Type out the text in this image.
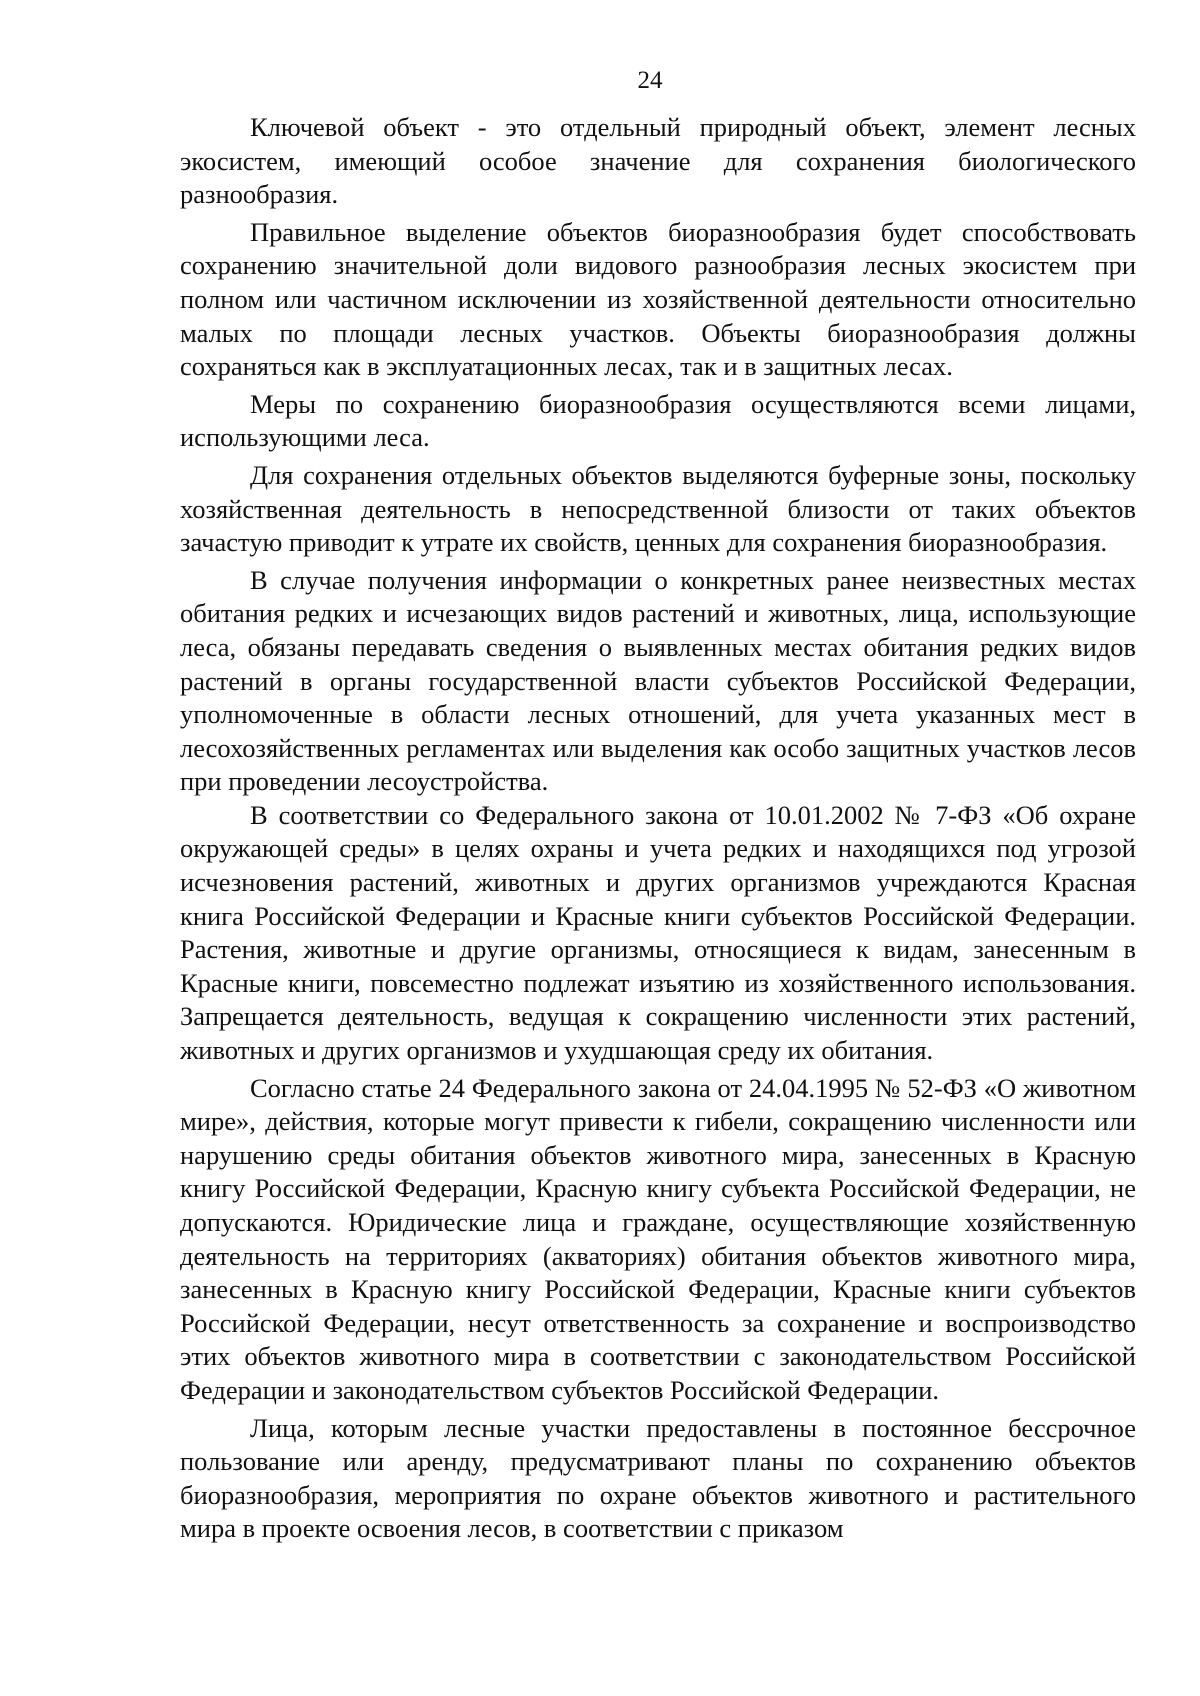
24

Ключевой объект - это отдельный природный объект, элемент лесных экосистем, имеющий особое значение для сохранения биологического разнообразия.

Правильное выделение объектов биоразнообразия будет способствовать сохранению значительной доли видового разнообразия лесных экосистем при полном или частичном исключении из хозяйственной деятельности относительно малых по площади лесных участков. Объекты биоразнообразия должны сохраняться как в эксплуатационных лесах, так и в защитных лесах.

Меры по сохранению биоразнообразия осуществляются всеми лицами, использующими леса.

Для сохранения отдельных объектов выделяются буферные зоны, поскольку хозяйственная деятельность в непосредственной близости от таких объектов зачастую приводит к утрате их свойств, ценных для сохранения биоразнообразия.

В случае получения информации о конкретных ранее неизвестных местах обитания редких и исчезающих видов растений и животных, лица, использующие леса, обязаны передавать сведения о выявленных местах обитания редких видов растений в органы государственной власти субъектов Российской Федерации, уполномоченные в области лесных отношений, для учета указанных мест в лесохозяйственных регламентах или выделения как особо защитных участков лесов при проведении лесоустройства.

В соответствии со Федерального закона от 10.01.2002 № 7-ФЗ «Об охране окружающей среды» в целях охраны и учета редких и находящихся под угрозой исчезновения растений, животных и других организмов учреждаются Красная книга Российской Федерации и Красные книги субъектов Российской Федерации. Растения, животные и другие организмы, относящиеся к видам, занесенным в Красные книги, повсеместно подлежат изъятию из хозяйственного использования. Запрещается деятельность, ведущая к сокращению численности этих растений, животных и других организмов и ухудшающая среду их обитания.

Согласно статье 24 Федерального закона от 24.04.1995 № 52-ФЗ «О животном мире», действия, которые могут привести к гибели, сокращению численности или нарушению среды обитания объектов животного мира, занесенных в Красную книгу Российской Федерации, Красную книгу субъекта Российской Федерации, не допускаются. Юридические лица и граждане, осуществляющие хозяйственную деятельность на территориях (акваториях) обитания объектов животного мира, занесенных в Красную книгу Российской Федерации, Красные книги субъектов Российской Федерации, несут ответственность за сохранение и воспроизводство этих объектов животного мира в соответствии с законодательством Российской Федерации и законодательством субъектов Российской Федерации.

Лица, которым лесные участки предоставлены в постоянное бессрочное пользование или аренду, предусматривают планы по сохранению объектов биоразнообразия, мероприятия по охране объектов животного и растительного мира в проекте освоения лесов, в соответствии с приказом
